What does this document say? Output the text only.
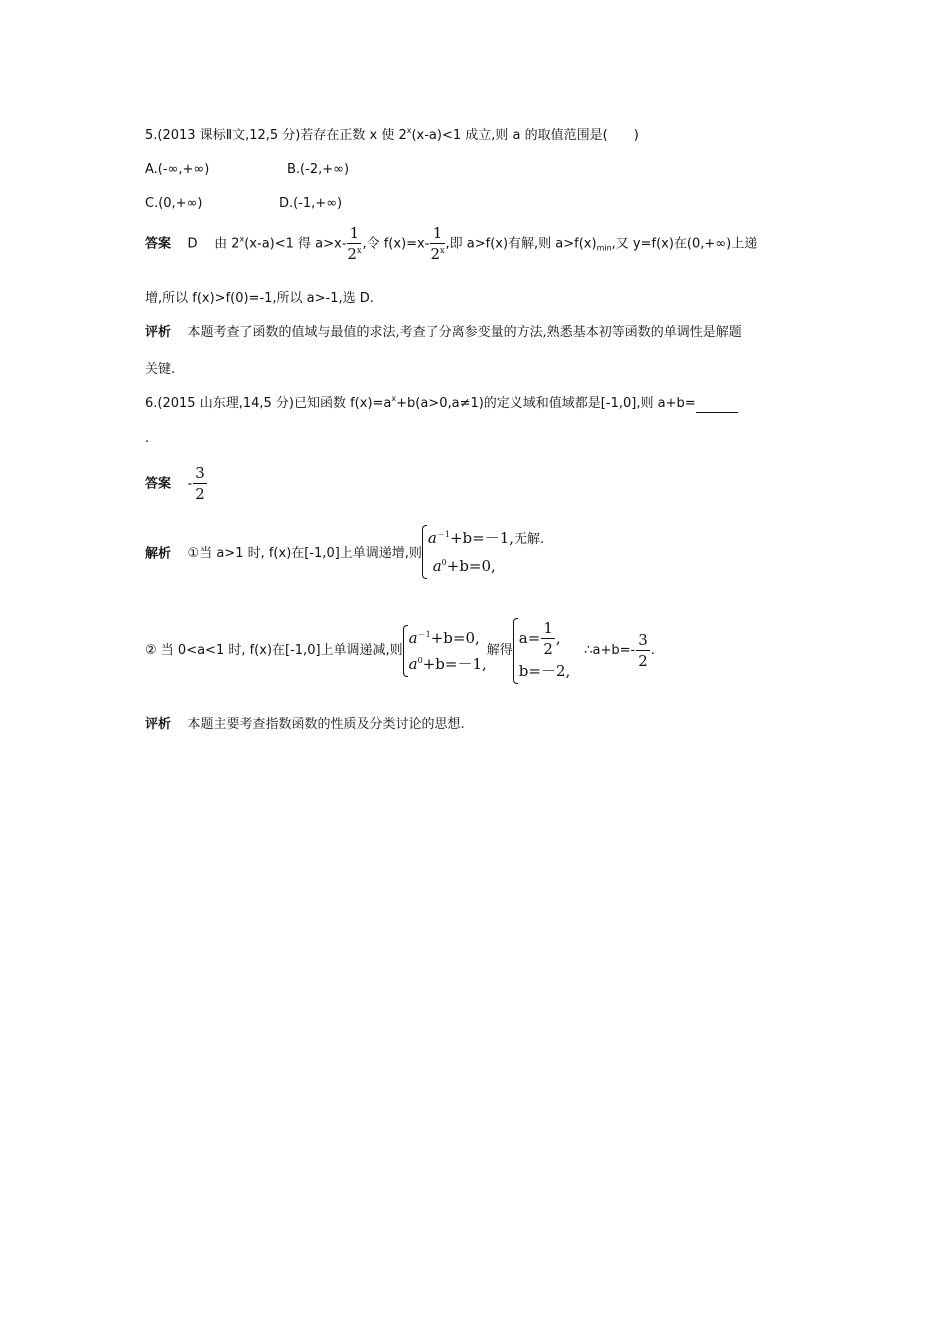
5.(2013 课标Ⅱ文,12,5 分)若存在正数 x 使 $2^x(x-a)<1$ 成立,则 a 的取值范围是(　　)
A.(-∞,+∞)	B.(-2,+∞)
C.(0,+∞)	D.(-1,+∞)
答案 D 由 $2^x(x-a)<1$ 得 $a>x- \frac{1}{2^x}$ ,令 $f(x)=x- \frac{1}{2^x}$ ,即 a>f(x)有解,则 $a>f(x)_{min}$,又 y=f(x)在(0,+∞)上递
增,所以 f(x)>f(0)=-1,所以 a>-1,选 D.
评析 本题考查了函数的值域与最值的求法,考查了分离参变量的方法,熟悉基本初等函数的单调性是解题
关键.
6.(2015 山东理,14,5 分)已知函数 $f(x)=a^x+b(a>0,a\ne 1)$的定义域和值域都是[-1,0],则 a+b=
.
答案 - $\frac{3}{2}$
解析 ①当 a>1 时, f(x)在[-1,0]上单调递增,则
$a^{-1}+b=-1$,无解.
$a^0+b=0$,
② 当 0<a<1 时, f(x)在[-1,0]上单调递减,则
$a^{-1}+b=0$,
$a^0+b=-1$,
解得
$a= \frac{1}{2}$ ,
b=－2,
∴a+b=- $\frac{3}{2}$ .
评析 本题主要考查指数函数的性质及分类讨论的思想.
